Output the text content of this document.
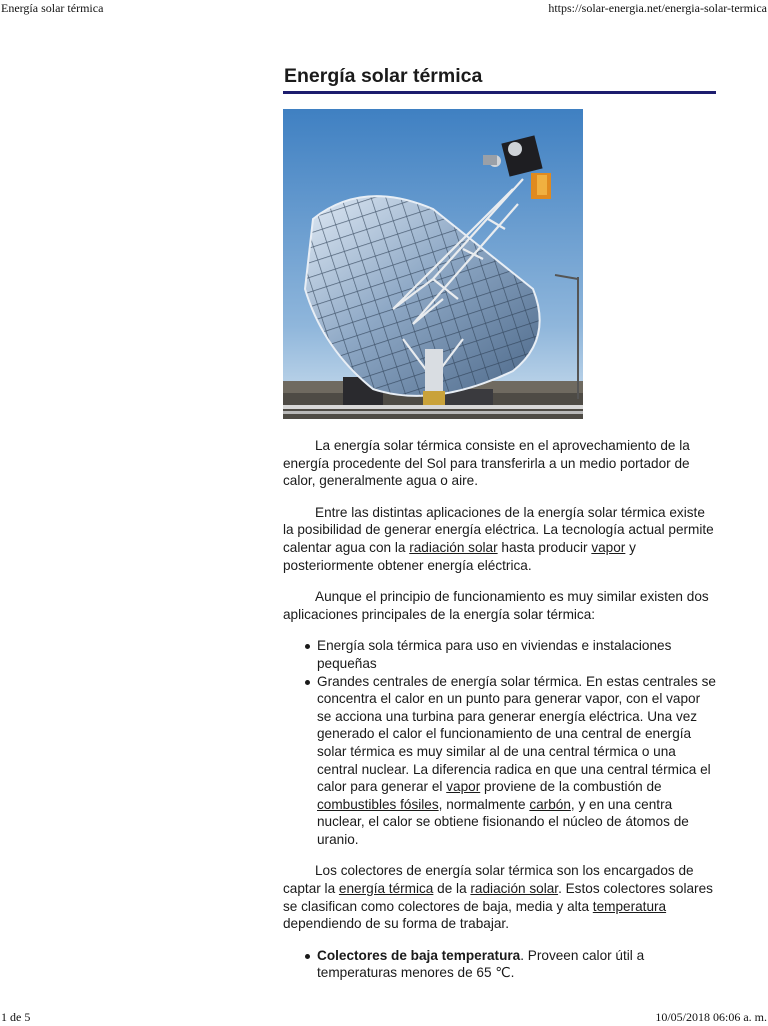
Energía solar térmica	https://solar-energia.net/energia-solar-termica
Energía solar térmica

La energía solar térmica consiste en el aprovechamiento de la energía procedente del Sol para transferirla a un medio portador de calor, generalmente agua o aire.

Entre las distintas aplicaciones de la energía solar térmica existe la posibilidad de generar energía eléctrica. La tecnología actual permite calentar agua con la radiación solar hasta producir vapor y posteriormente obtener energía eléctrica.

Aunque el principio de funcionamiento es muy similar existen dos aplicaciones principales de la energía solar térmica:

Energía sola térmica para uso en viviendas e instalaciones pequeñas
Grandes centrales de energía solar térmica. En estas centrales se concentra el calor en un punto para generar vapor, con el vapor se acciona una turbina para generar energía eléctrica. Una vez generado el calor el funcionamiento de una central de energía solar térmica es muy similar al de una central térmica o una central nuclear. La diferencia radica en que una central térmica el calor para generar el vapor proviene de la combustión de combustibles fósiles, normalmente carbón, y en una centra nuclear, el calor se obtiene fisionando el núcleo de átomos de uranio.

Los colectores de energía solar térmica son los encargados de captar la energía térmica de la radiación solar. Estos colectores solares se clasifican como colectores de baja, media y alta temperatura dependiendo de su forma de trabajar.

Colectores de baja temperatura. Proveen calor útil a temperaturas menores de 65 ℃.
1 de 5	10/05/2018 06:06 a. m.
